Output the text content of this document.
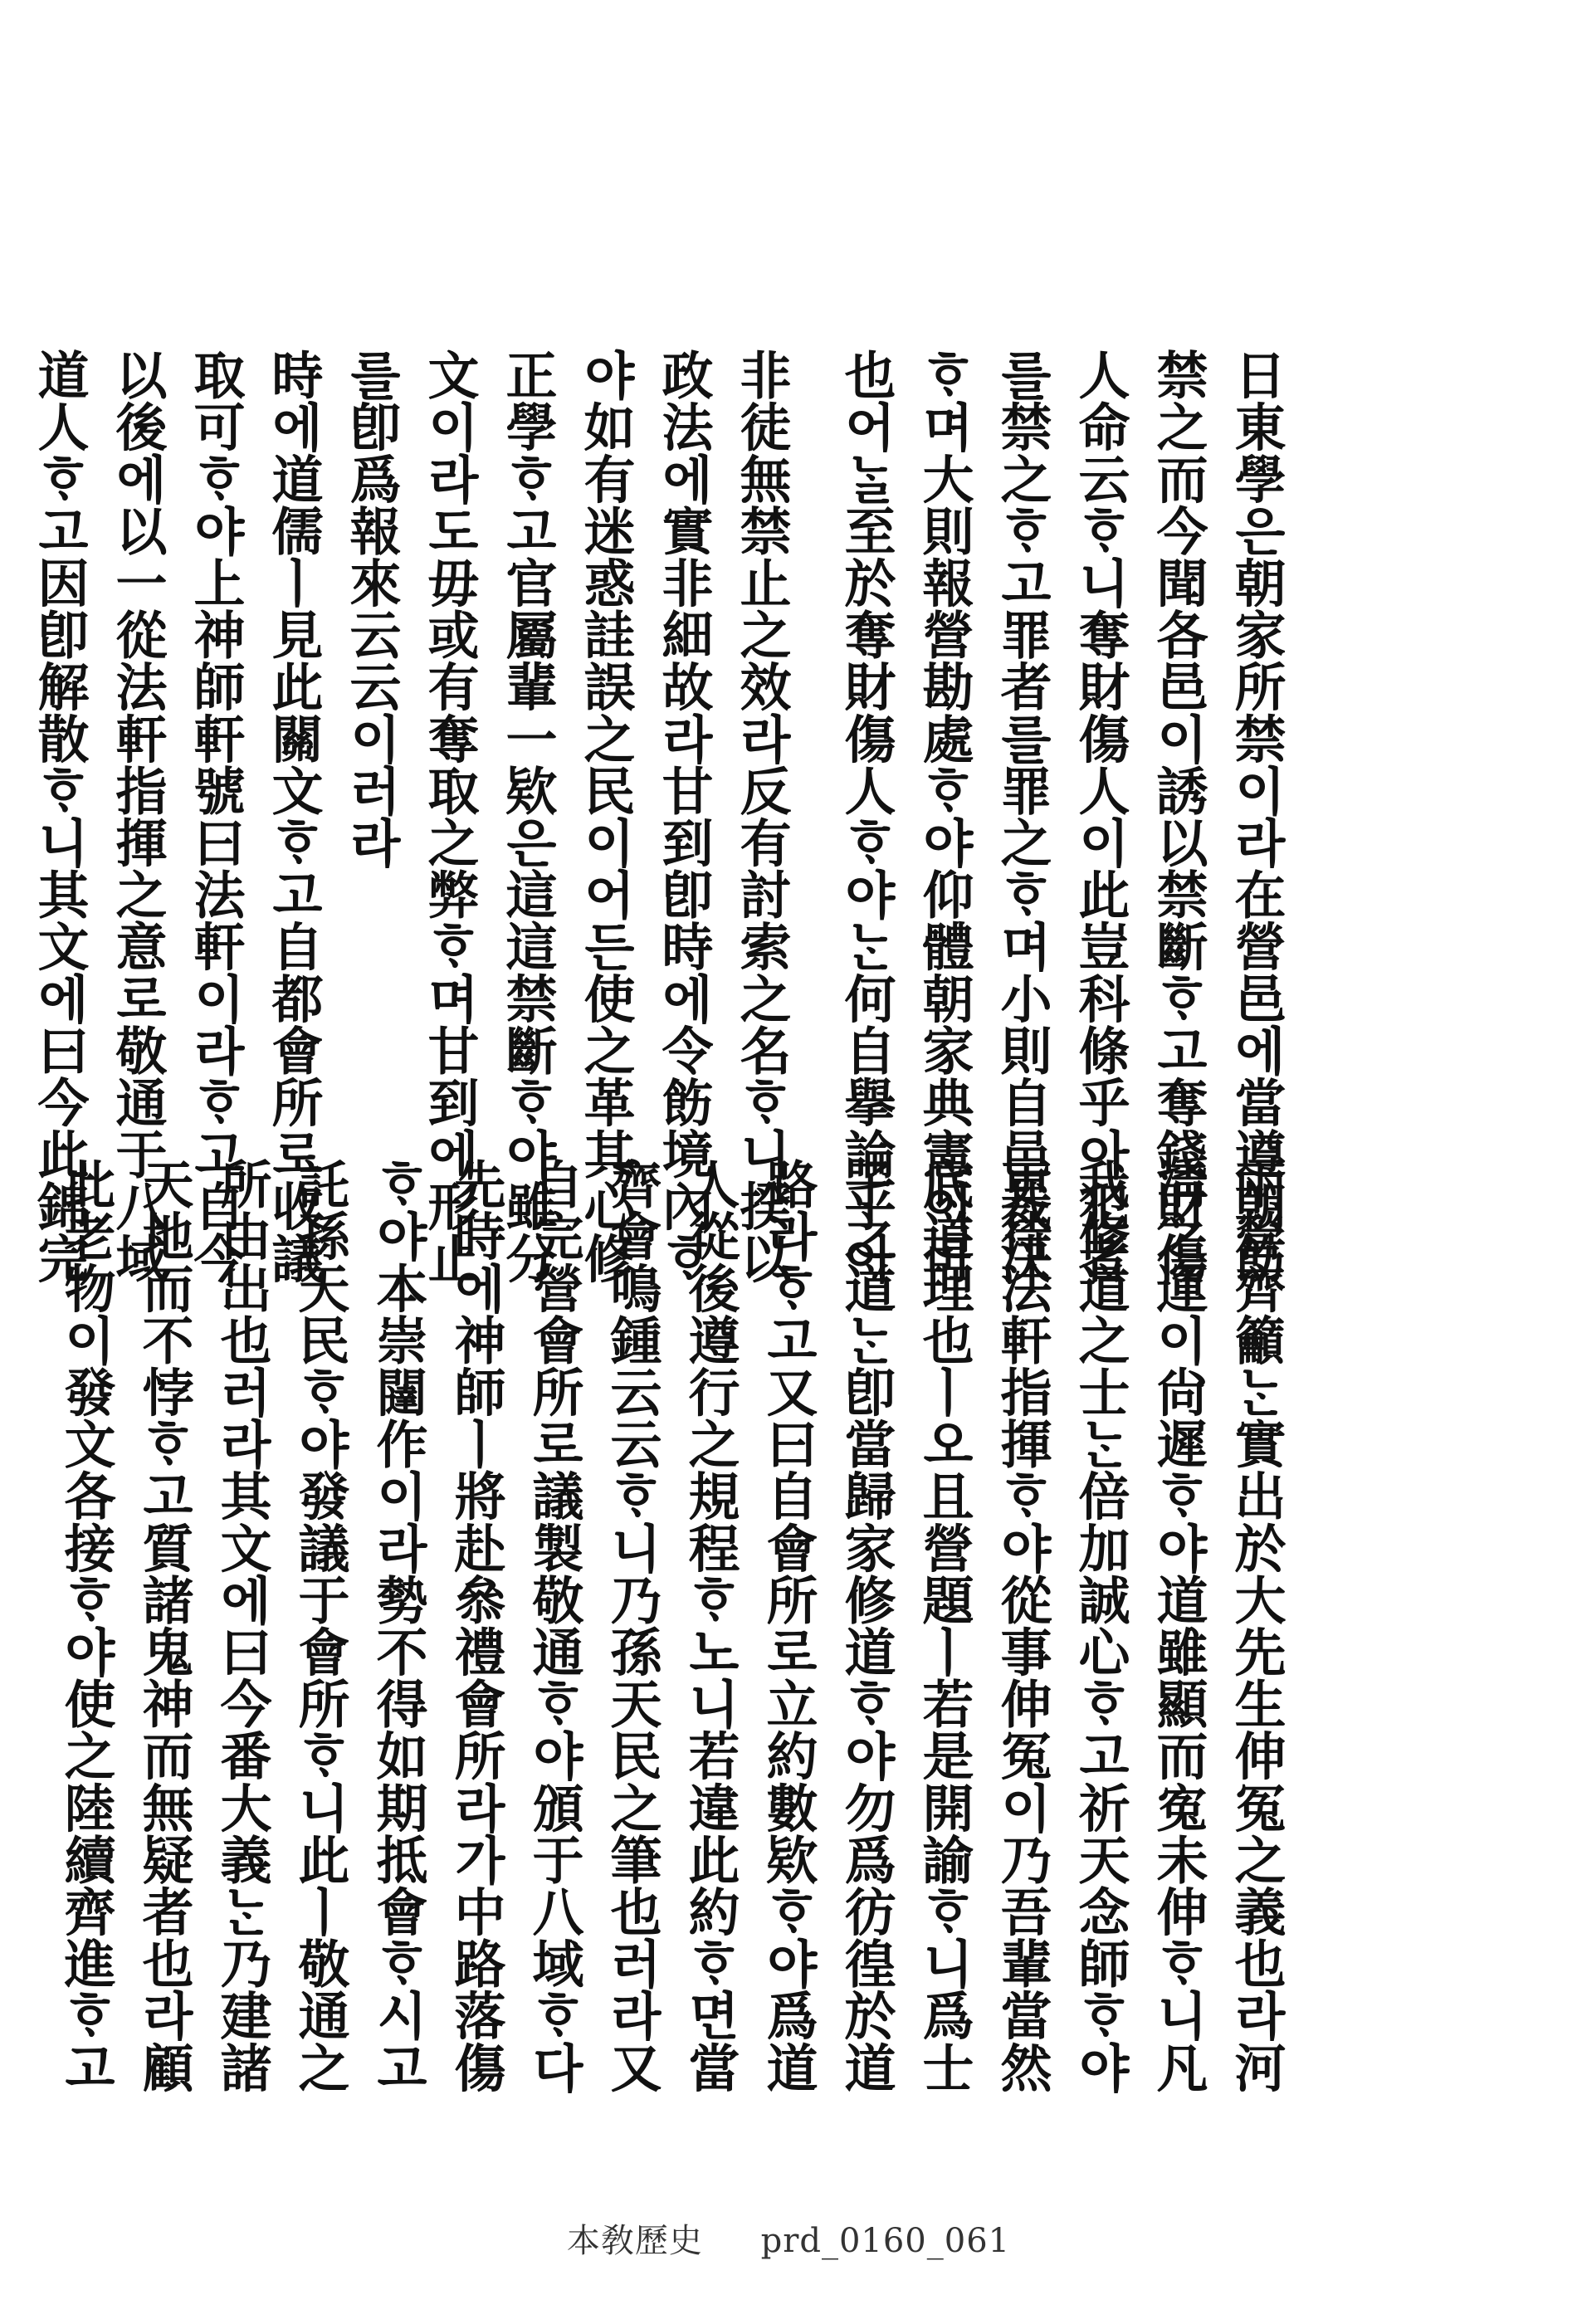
日東學은朝家所禁이라在營邑에當遵朝飭
禁之而今聞各邑이誘以禁斷ᄒᆞ고奪錢財傷
人命云ᄒᆞ니奪財傷人이此豈科條乎아犯者
를禁之ᄒᆞ고罪者를罪之ᄒᆞ며小則自邑裁決
ᄒᆞ며大則報營勘處ᄒᆞ야仰體朝家典憲이可
也어ᄂᆞᆯ至於奪財傷人ᄒᆞ야ᄂᆞᆫ何自擧論乎아
非徒無禁止之效라反有討索之名ᄒᆞ니揆以
政法에實非細故라甘到卽時에令飭境內ᄒᆞ
야如有迷惑詿誤之民이어든使之革其心修
正學ᄒᆞ고官屬輩一欵은這這禁斷ᄒᆞ야雖分
文이라도毋或有奪取之弊ᄒᆞ며甘到에形止
를卽爲報來云云이러라
時에道儒ㅣ見此關文ᄒᆞ고自都會所로收議
取可ᄒᆞ야上神師軒號曰法軒이라ᄒᆞ고自今
以後에以一從法軒指揮之意로敬通于八域
道人ᄒᆞ고因卽解散ᄒᆞ니其文에曰今此錦完
兩營齊籲ᄂᆞᆫ實出於大先生伸冤之義也라河
淸之運이尙遲ᄒᆞ야道雖顯而寃未伸ᄒᆞ니凡
我修道之士ᄂᆞᆫ倍加誠心ᄒᆞ고祈天念師ᄒᆞ야
更待法軒指揮ᄒᆞ야從事伸冤이乃吾輩當然
底道理也ㅣ오且營題ㅣ若是開諭ᄒᆞ니爲士
子之道ᄂᆞᆫ卽當歸家修道ᄒᆞ야勿爲彷徨於道
路라ᄒᆞ고又曰自會所로立約數欵ᄒᆞ야爲道
人從後遵行之規程ᄒᆞ노니若違此約ᄒᆞ면當
齊會鳴鍾云云ᄒᆞ니乃孫天民之筆也러라又
自完營會所로議製敬通ᄒᆞ야頒于八域ᄒᆞ다
先時에神師ㅣ將赴叅禮會所라가中路落傷
ᄒᆞ야本崇闥作이라勢不得如期抵會ᄒᆞ시고
託孫天民ᄒᆞ야發議于會所ᄒᆞ니此ㅣ敬通之
所由出也러라其文에曰今番大義ᄂᆞᆫ乃建諸
天地而不悖ᄒᆞ고質諸鬼神而無疑者也라顧
此老物이發文各接ᄒᆞ야使之陸續齊進ᄒᆞ고
本敎歷史 prd_0160_061
